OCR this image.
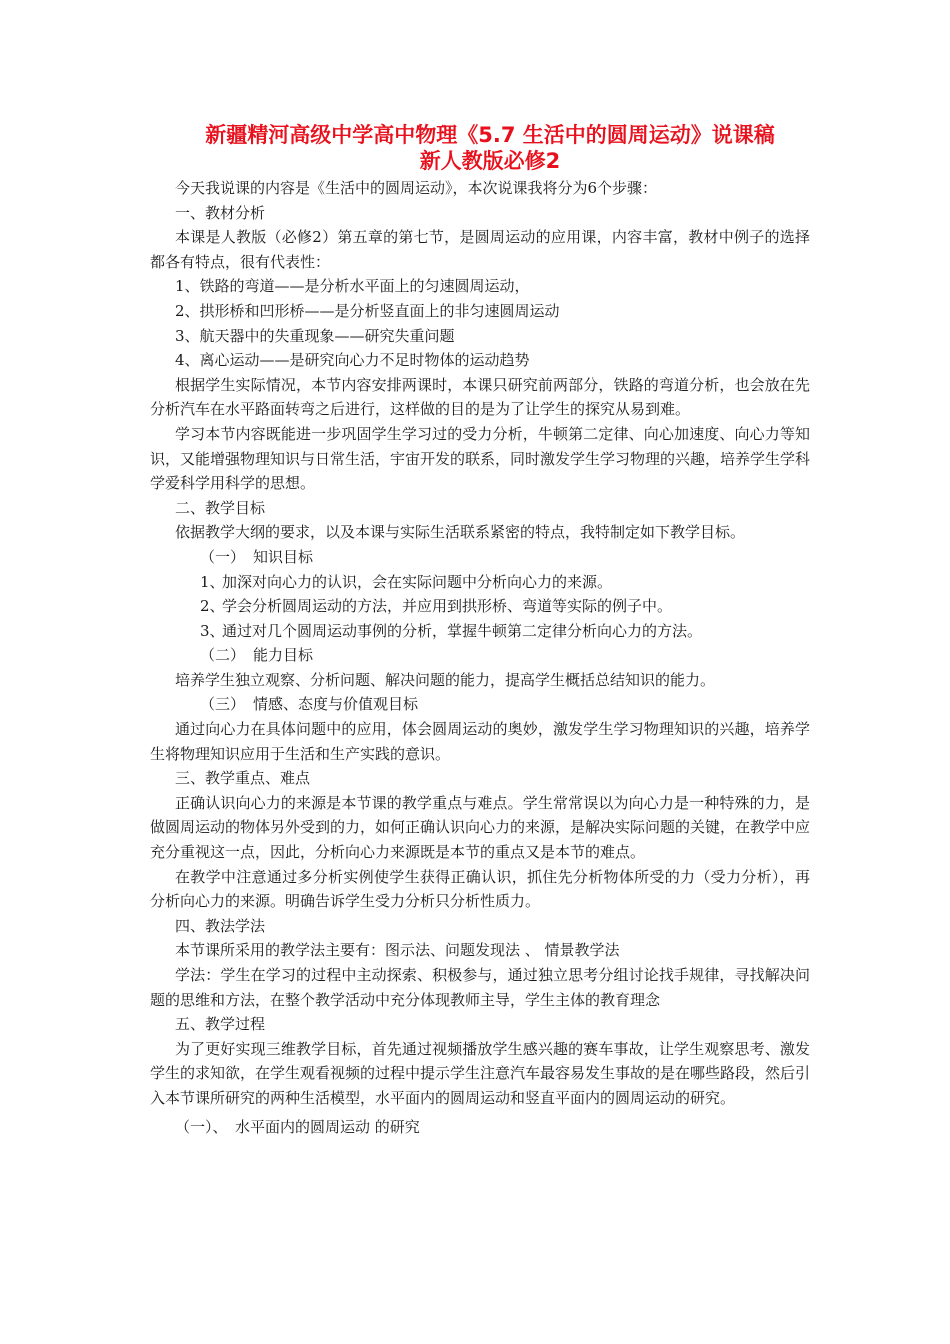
新疆精河高级中学高中物理《5.7 生活中的圆周运动》说课稿
新人教版必修2

今天我说课的内容是《生活中的圆周运动》，本次说课我将分为6个步骤：

一、教材分析

本课是人教版（必修2）第五章的第七节，是圆周运动的应用课，内容丰富，教材中例子的选择都各有特点，很有代表性：

1、铁路的弯道——是分析水平面上的匀速圆周运动，

2、拱形桥和凹形桥——是分析竖直面上的非匀速圆周运动

3、航天器中的失重现象——研究失重问题

4、离心运动——是研究向心力不足时物体的运动趋势

根据学生实际情况，本节内容安排两课时，本课只研究前两部分，铁路的弯道分析，也会放在先分析汽车在水平路面转弯之后进行，这样做的目的是为了让学生的探究从易到难。

学习本节内容既能进一步巩固学生学习过的受力分析，牛顿第二定律、向心加速度、向心力等知识，又能增强物理知识与日常生活，宇宙开发的联系，同时激发学生学习物理的兴趣，培养学生学科学爱科学用科学的思想。

二、教学目标

依据教学大纲的要求，以及本课与实际生活联系紧密的特点，我特制定如下教学目标。

（一） 知识目标

1、加深对向心力的认识，会在实际问题中分析向心力的来源。

2、学会分析圆周运动的方法，并应用到拱形桥、弯道等实际的例子中。

3、通过对几个圆周运动事例的分析，掌握牛顿第二定律分析向心力的方法。

（二） 能力目标

培养学生独立观察、分析问题、解决问题的能力，提高学生概括总结知识的能力。

（三） 情感、态度与价值观目标

通过向心力在具体问题中的应用，体会圆周运动的奥妙，激发学生学习物理知识的兴趣，培养学生将物理知识应用于生活和生产实践的意识。

三、教学重点、难点

正确认识向心力的来源是本节课的教学重点与难点。学生常常误以为向心力是一种特殊的力，是做圆周运动的物体另外受到的力，如何正确认识向心力的来源，是解决实际问题的关键，在教学中应充分重视这一点，因此，分析向心力来源既是本节的重点又是本节的难点。

在教学中注意通过多分析实例使学生获得正确认识，抓住先分析物体所受的力（受力分析），再分析向心力的来源。明确告诉学生受力分析只分析性质力。

四、教法学法

本节课所采用的教学法主要有：图示法、问题发现法 、 情景教学法

学法：学生在学习的过程中主动探索、积极参与，通过独立思考分组讨论找手规律，寻找解决问题的思维和方法，在整个教学活动中充分体现教师主导，学生主体的教育理念

五、教学过程

为了更好实现三维教学目标，首先通过视频播放学生感兴趣的赛车事故，让学生观察思考、激发学生的求知欲，在学生观看视频的过程中提示学生注意汽车最容易发生事故的是在哪些路段，然后引入本节课所研究的两种生活模型，水平面内的圆周运动和竖直平面内的圆周运动的研究。

（一）、　水平面内的圆周运动 的研究
